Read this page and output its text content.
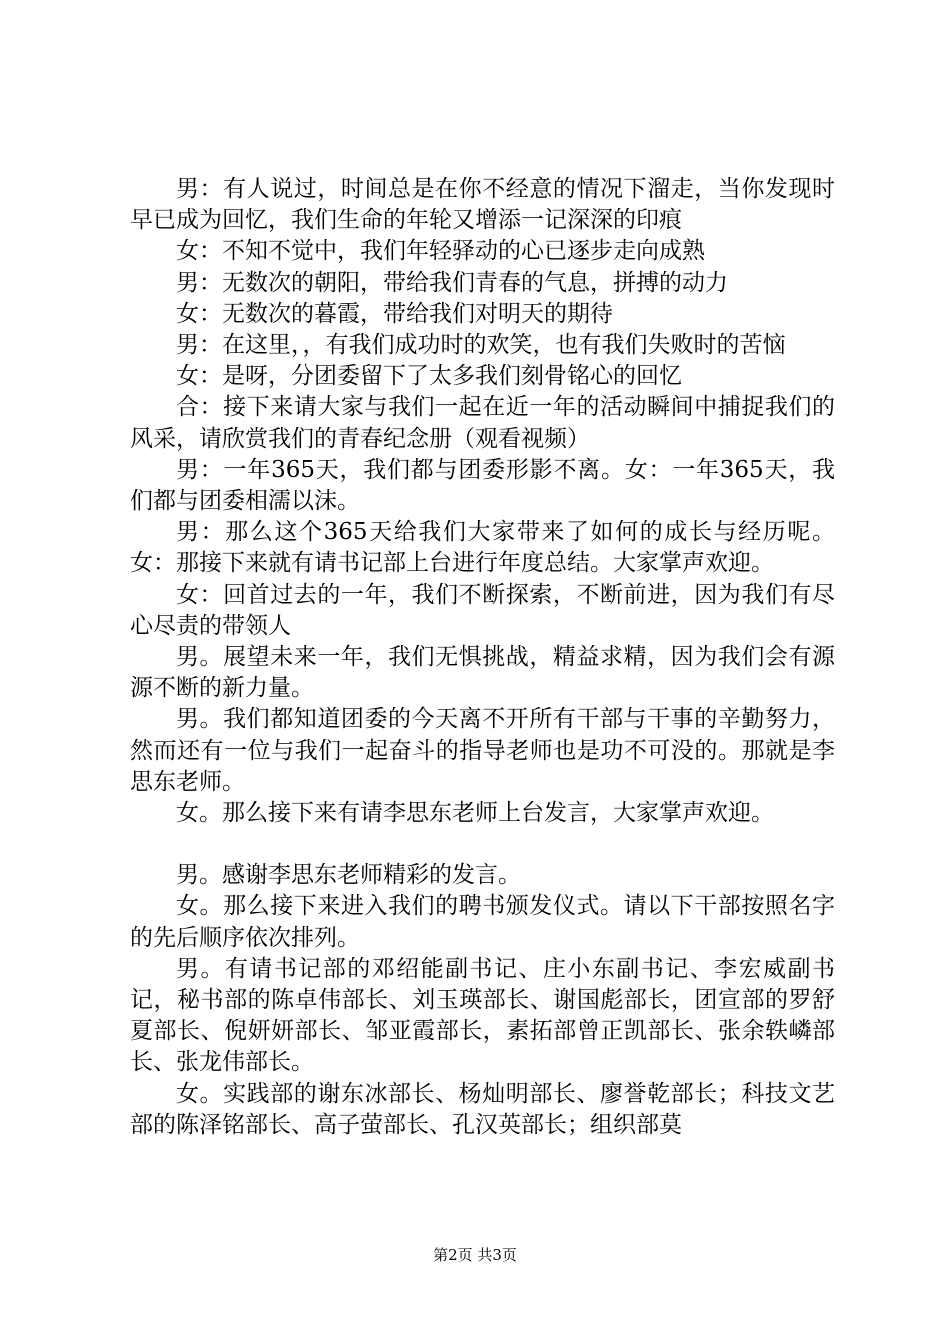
男：有人说过，时间总是在你不经意的情况下溜走，当你发现时早已成为回忆，我们生命的年轮又增添一记深深的印痕

女：不知不觉中，我们年轻驿动的心已逐步走向成熟

男：无数次的朝阳，带给我们青春的气息，拼搏的动力

女：无数次的暮霞，带给我们对明天的期待

男：在这里，，有我们成功时的欢笑，也有我们失败时的苦恼

女：是呀，分团委留下了太多我们刻骨铭心的回忆

合：接下来请大家与我们一起在近一年的活动瞬间中捕捉我们的风采，请欣赏我们的青春纪念册（观看视频）

男：一年365天，我们都与团委形影不离。女：一年365天，我们都与团委相濡以沫。

男：那么这个365天给我们大家带来了如何的成长与经历呢。女：那接下来就有请书记部上台进行年度总结。大家掌声欢迎。

女：回首过去的一年，我们不断探索，不断前进，因为我们有尽心尽责的带领人

男。展望未来一年，我们无惧挑战，精益求精，因为我们会有源源不断的新力量。

男。我们都知道团委的今天离不开所有干部与干事的辛勤努力，然而还有一位与我们一起奋斗的指导老师也是功不可没的。那就是李思东老师。

女。那么接下来有请李思东老师上台发言，大家掌声欢迎。

男。感谢李思东老师精彩的发言。

女。那么接下来进入我们的聘书颁发仪式。请以下干部按照名字的先后顺序依次排列。

男。有请书记部的邓绍能副书记、庄小东副书记、李宏威副书记，秘书部的陈卓伟部长、刘玉瑛部长、谢国彪部长，团宣部的罗舒夏部长、倪妍妍部长、邹亚霞部长，素拓部曾正凯部长、张余轶嶙部长、张龙伟部长。

女。实践部的谢东冰部长、杨灿明部长、廖誉乾部长；科技文艺部的陈泽铭部长、高子萤部长、孔汉英部长；组织部莫

第2页 共3页
